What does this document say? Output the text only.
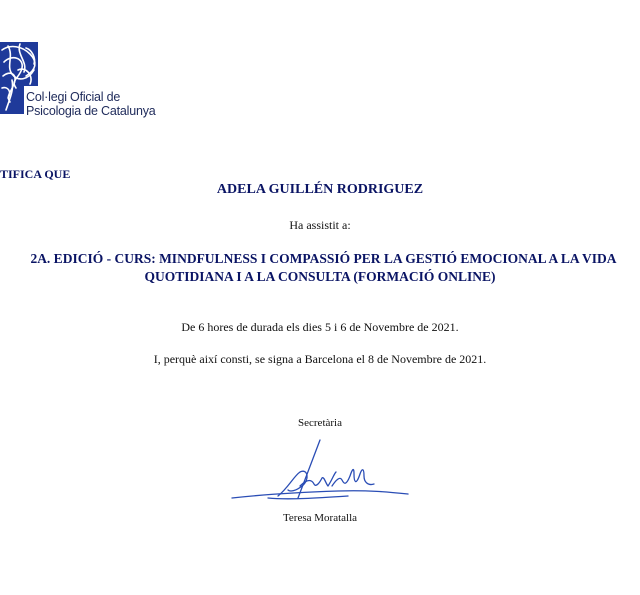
Col·legi Oficial de
Psicologia de Catalunya
TIFICA QUE
ADELA GUILLÉN RODRIGUEZ
Ha assistit a:
2A. EDICIÓ - CURS: MINDFULNESS I COMPASSIÓ PER LA GESTIÓ EMOCIONAL A LA VIDA
QUOTIDIANA I A LA CONSULTA (FORMACIÓ ONLINE)
De 6 hores de durada els dies 5 i 6 de Novembre de 2021.
I, perquè així consti, se signa a Barcelona el 8 de Novembre de 2021.
Secretària
Teresa Moratalla
